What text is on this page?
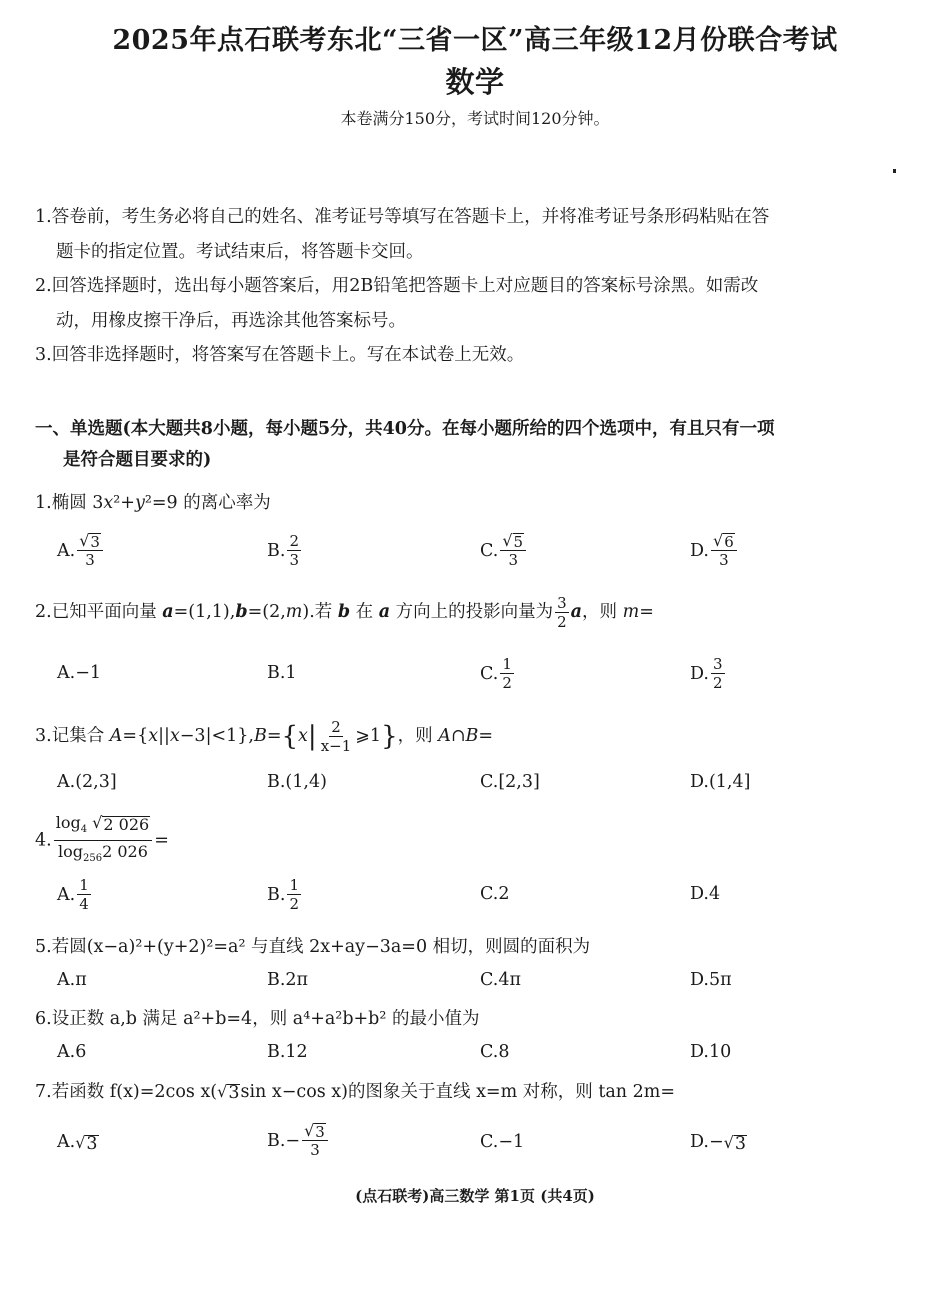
2025年点石联考东北“三省一区”高三年级12月份联合考试
数学
本卷满分150分，考试时间120分钟。
1.答卷前，考生务必将自己的姓名、准考证号等填写在答题卡上，并将准考证号条形码粘贴在答
题卡的指定位置。考试结束后，将答题卡交回。
2.回答选择题时，选出每小题答案后，用2B铅笔把答题卡上对应题目的答案标号涂黑。如需改
动，用橡皮擦干净后，再选涂其他答案标号。
3.回答非选择题时，将答案写在答题卡上。写在本试卷上无效。
一、单选题(本大题共8小题，每小题5分，共40分。在每小题所给的四个选项中，有且只有一项
是符合题目要求的)
1.椭圆 3x²+y²=9 的离心率为
A. $\frac{√ 3}{3}$	B. $\frac{2}{3}$	C. $\frac{√ 5}{3}$	D. $\frac{√ 6}{3}$
2.已知平面向量 a=(1,1),b=(2,m).若 b 在 a 方向上的投影向量为 $\frac{3}{2}$ a，则 m=
A.−1	B.1	C. $\frac{1}{2}$	D. $\frac{3}{2}$
3.记集合 $A=\{x||x-3|<1\},B=\{x| \frac{2}{x-1}$ ⩾1}，则 A∩B=
A.(2,3]	B.(1,4)	C.[2,3]	D.(1,4]
4. $\frac{\log_4 √ 2 026}{\log_{256}2 026}$ =
A. $\frac{1}{4}$	B. $\frac{1}{2}$	C.2	D.4
5.若圆(x−a)²+(y+2)²=a² 与直线 2x+ay−3a=0 相切，则圆的面积为
A.π	B.2π	C.4π	D.5π
6.设正数 a,b 满足 a²+b=4，则 a⁴+a²b+b² 的最小值为
A.6	B.12	C.8	D.10
7.若函数 f(x)=2cos x( √ 3 sin x−cos x)的图象关于直线 x=m 对称，则 tan 2m=
A. √ 3	$B.- \frac{√ 3}{3}$	C.−1	D.− √ 3
(点石联考)高三数学 第1页 (共4页)
